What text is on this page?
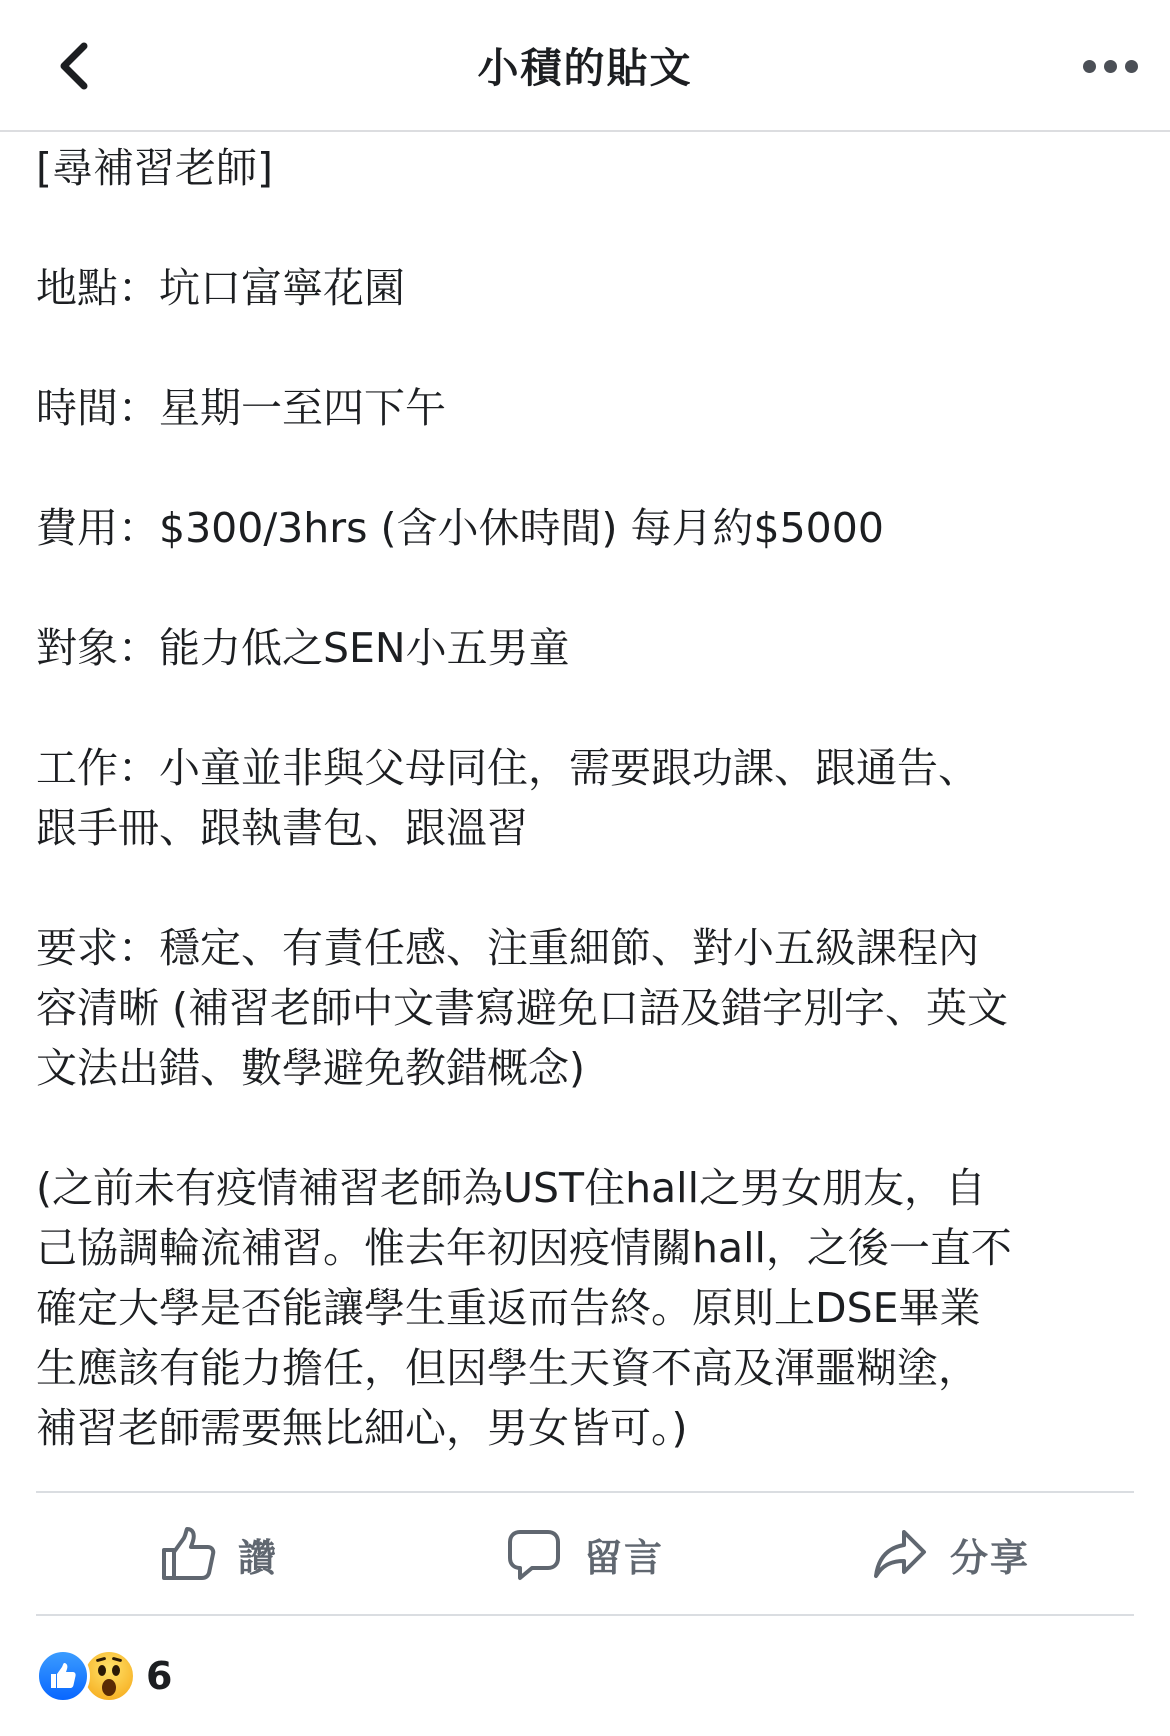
小積的貼文

[尋補習老師]

地點：坑口富寧花園

時間：星期一至四下午

費用：$300/3hrs (含小休時間) 每月約$5000

對象：能力低之SEN小五男童

工作：小童並非與父母同住，需要跟功課、跟通告、
跟手冊、跟執書包、跟溫習

要求：穩定、有責任感、注重細節、對小五級課程內
容清晰 (補習老師中文書寫避免口語及錯字別字、英文
文法出錯、數學避免教錯概念)

(之前未有疫情補習老師為UST住hall之男女朋友，自
己協調輪流補習。惟去年初因疫情關hall，之後一直不
確定大學是否能讓學生重返而告終。原則上DSE畢業
生應該有能力擔任，但因學生天資不高及渾噩糊塗，
補習老師需要無比細心，男女皆可。)

讚	留言	分享
6
